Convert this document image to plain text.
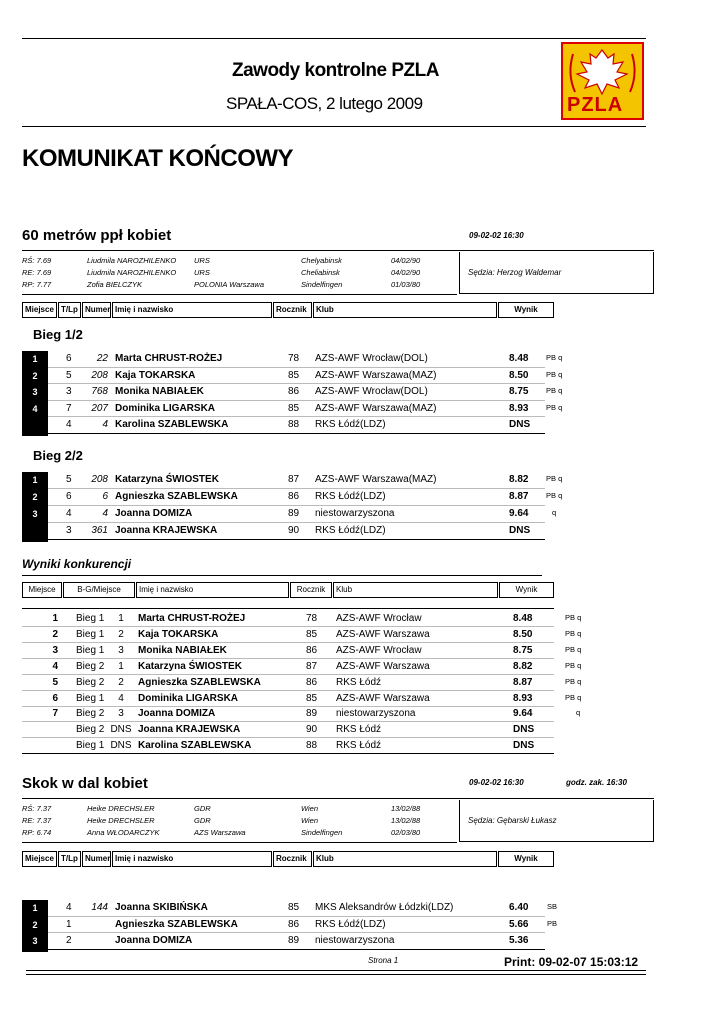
Zawody kontrolne PZLA
SPAŁA-COS, 2 lutego 2009	PZLA
KOMUNIKAT KOŃCOWY
60 metrów ppł kobiet	09-02-02 16:30
RŚ: 7.69	Liudmila NAROZHILENKO URS	Chelyabinsk	04/02/90
RE: 7.69	Liudmila NAROZHILENKO URS	Cheliabinsk	04/02/90
RP: 7.77	Zofia BIELCZYK	POLONIA Warszawa	Sindelfingen	01/03/80
Sędzia: Herzog Waldemar
Miejsce T/Lp Numer Imię i nazwisko	Rocznik	Klub	Wynik
Bieg 1/2
1	6	22 Marta CHRUST-ROŻEJ	78 AZS-AWF Wrocław(DOL)	8.48 PB q
2	5	208 Kaja TOKARSKA	85 AZS-AWF Warszawa(MAZ)	8.50 PB q
3	3	768 Monika NABIAŁEK	86 AZS-AWF Wrocław(DOL)	8.75 PB q
4	7	207 Dominika LIGARSKA	85 AZS-AWF Warszawa(MAZ)	8.93 PB q
4	4 Karolina SZABLEWSKA	88 RKS Łódź(LDZ)	DNS
Bieg 2/2
1	5	208 Katarzyna ŚWIOSTEK	87 AZS-AWF Warszawa(MAZ)	8.82 PB q
2	6	6 Agnieszka SZABLEWSKA	86 RKS Łódź(LDZ)	8.87 PB q
3	4	4 Joanna DOMIZA	89 niestowarzyszona	9.64	q
3	361 Joanna KRAJEWSKA	90 RKS Łódź(LDZ)	DNS
Wyniki konkurencji
Miejsce	B-G/Miejsce	Imię i nazwisko	Rocznik	Klub	Wynik
1 Bieg 1	1	Marta CHRUST-ROŻEJ	78 AZS-AWF Wrocław	8.48	PB q
2 Bieg 1	2	Kaja TOKARSKA	85 AZS-AWF Warszawa	8.50	PB q
3 Bieg 1	3	Monika NABIAŁEK	86 AZS-AWF Wrocław	8.75	PB q
4 Bieg 2	1	Katarzyna ŚWIOSTEK	87 AZS-AWF Warszawa	8.82	PB q
5 Bieg 2	2	Agnieszka SZABLEWSKA	86 RKS Łódź	8.87	PB q
6 Bieg 1	4	Dominika LIGARSKA	85 AZS-AWF Warszawa	8.93	PB q
7 Bieg 2	3	Joanna DOMIZA	89 niestowarzyszona	9.64	q
Bieg 2 DNS Joanna KRAJEWSKA	90 RKS Łódź	DNS
Bieg 1 DNS Karolina SZABLEWSKA	88 RKS Łódź	DNS
Skok w dal kobiet	09-02-02 16:30	godz. zak. 16:30
RŚ: 7.37	Heike DRECHSLER	GDR	Wien	13/02/88
RE: 7.37	Heike DRECHSLER	GDR	Wien	13/02/88
RP: 6.74	Anna WŁODARCZYK	AZS Warszawa	Sindelfingen	02/03/80
Sędzia: Gębarski Łukasz
Miejsce T/Lp Numer Imię i nazwisko	Rocznik	Klub	Wynik
1	4	144 Joanna SKIBIŃSKA	85 MKS Aleksandrów Łódzki(LDZ)	6.40 SB
2	1	Agnieszka SZABLEWSKA	86 RKS Łódź(LDZ)	5.66 PB
3	2	Joanna DOMIZA	89 niestowarzyszona	5.36
Strona 1	Print: 09-02-07 15:03:12
